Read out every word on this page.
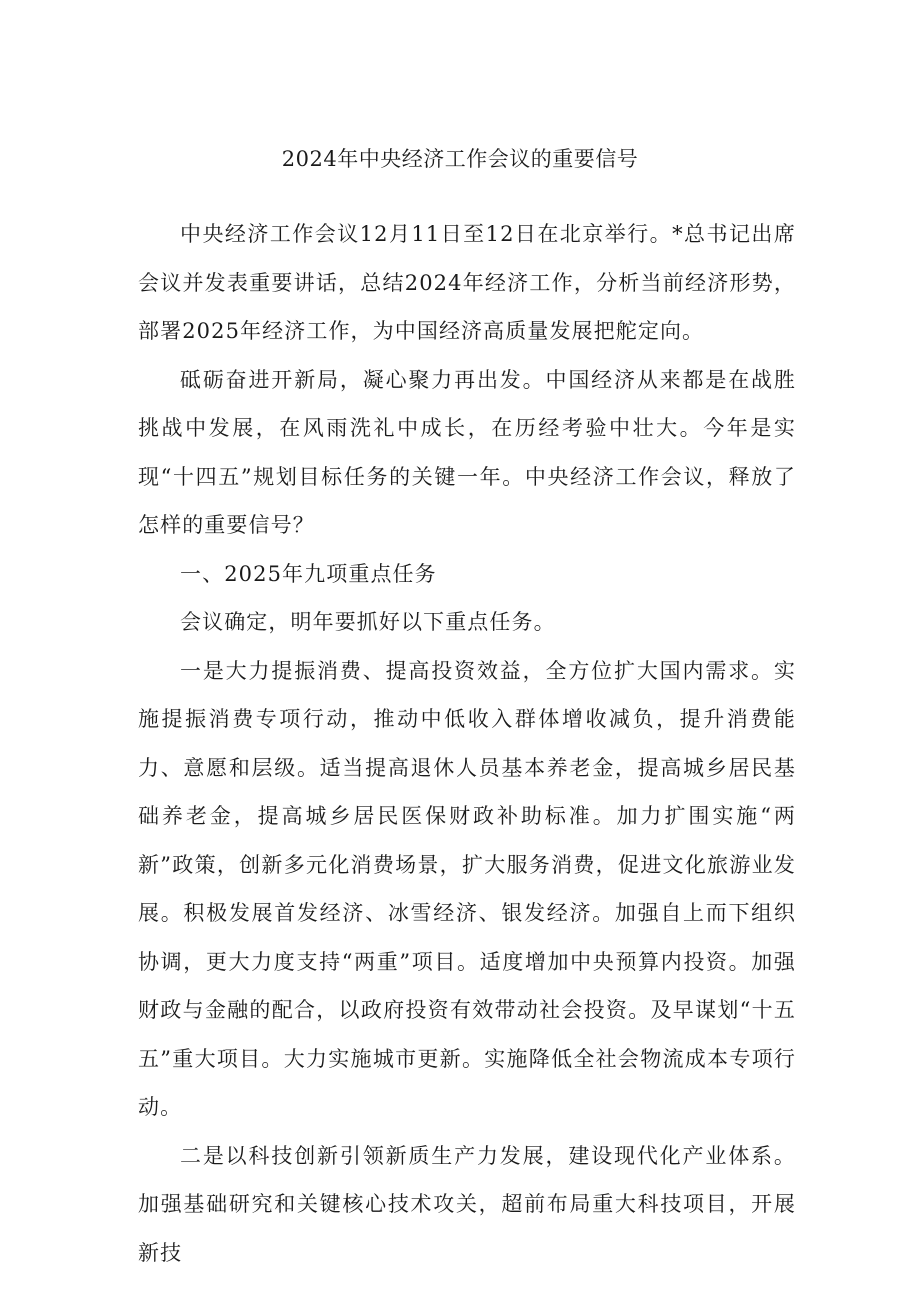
2024年中央经济工作会议的重要信号

中央经济工作会议12月11日至12日在北京举行。*总书记出席会议并发表重要讲话，总结2024年经济工作，分析当前经济形势，部署2025年经济工作，为中国经济高质量发展把舵定向。

砥砺奋进开新局，凝心聚力再出发。中国经济从来都是在战胜挑战中发展，在风雨洗礼中成长，在历经考验中壮大。今年是实现“十四五”规划目标任务的关键一年。中央经济工作会议，释放了怎样的重要信号？

一、2025年九项重点任务

会议确定，明年要抓好以下重点任务。

一是大力提振消费、提高投资效益，全方位扩大国内需求。实施提振消费专项行动，推动中低收入群体增收减负，提升消费能力、意愿和层级。适当提高退休人员基本养老金，提高城乡居民基础养老金，提高城乡居民医保财政补助标准。加力扩围实施“两新”政策，创新多元化消费场景，扩大服务消费，促进文化旅游业发展。积极发展首发经济、冰雪经济、银发经济。加强自上而下组织协调，更大力度支持“两重”项目。适度增加中央预算内投资。加强财政与金融的配合，以政府投资有效带动社会投资。及早谋划“十五五”重大项目。大力实施城市更新。实施降低全社会物流成本专项行动。

二是以科技创新引领新质生产力发展，建设现代化产业体系。加强基础研究和关键核心技术攻关，超前布局重大科技项目，开展新技
